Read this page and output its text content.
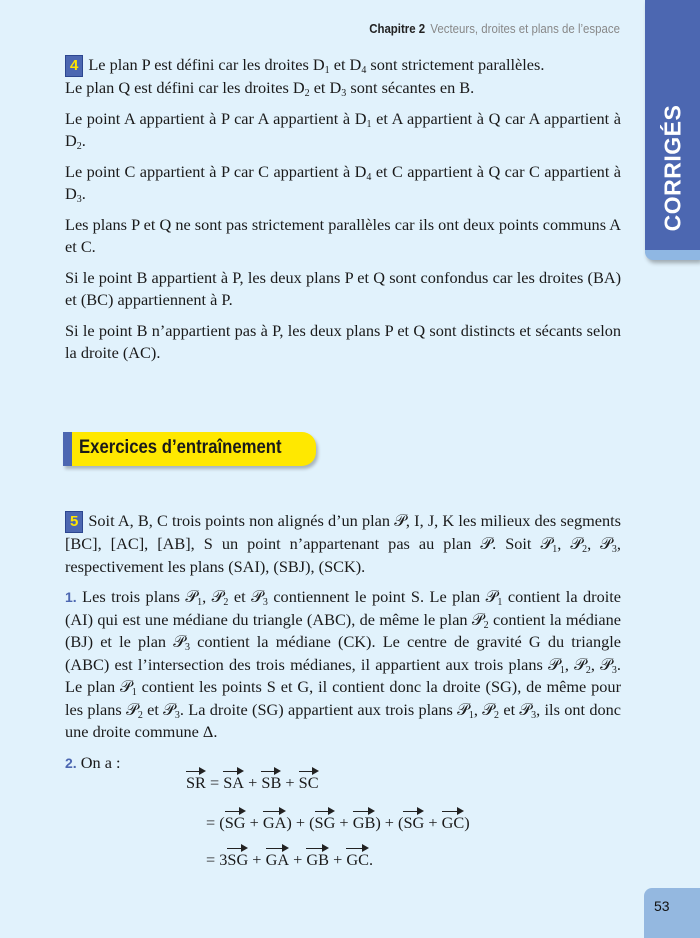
Chapitre 2 Vecteurs, droites et plans de l’espace
CORRIGÉS

4 Le plan P est défini car les droites $D_1$ et $D_4$ sont strictement parallèles.
Le plan Q est défini car les droites $D_2$ et $D_3$ sont sécantes en B.

Le point A appartient à P car A appartient à $D_1$ et A appartient à Q car A appartient à $D_2$.

Le point C appartient à P car C appartient à $D_4$ et C appartient à Q car C appartient à $D_3$.

Les plans P et Q ne sont pas strictement parallèles car ils ont deux points communs A et C.

Si le point B appartient à P, les deux plans P et Q sont confondus car les droites (BA) et (BC) appartiennent à P.

Si le point B n’appartient pas à P, les deux plans P et Q sont distincts et sécants selon la droite (AC).

Exercices d’entraînement

5 Soit A, B, C trois points non alignés d’un plan 𝒫, I, J, K les milieux des segments [BC], [AC], [AB], S un point n’appartenant pas au plan 𝒫. Soit 𝒫$_1$, 𝒫$_2$, 𝒫$_3$, respectivement les plans (SAI), (SBJ), (SCK).

1. Les trois plans 𝒫$_1$, 𝒫$_2$ et 𝒫$_3$ contiennent le point S. Le plan 𝒫$_1$ contient la droite (AI) qui est une médiane du triangle (ABC), de même le plan 𝒫$_2$ contient la médiane (BJ) et le plan 𝒫$_3$ contient la médiane (CK). Le centre de gravité G du triangle (ABC) est l’intersection des trois médianes, il appartient aux trois plans 𝒫$_1$, 𝒫$_2$, 𝒫$_3$. Le plan 𝒫$_1$ contient les points S et G, il contient donc la droite (SG), de même pour les plans 𝒫$_2$ et 𝒫$_3$. La droite (SG) appartient aux trois plans 𝒫$_1$, 𝒫$_2$ et 𝒫$_3$, ils ont donc une droite commune Δ.

2. On a :

SR = SA + SB + SC
= (SG + GA) + (SG + GB) + (SG + GC)
= 3SG + GA + GB + GC.
53
